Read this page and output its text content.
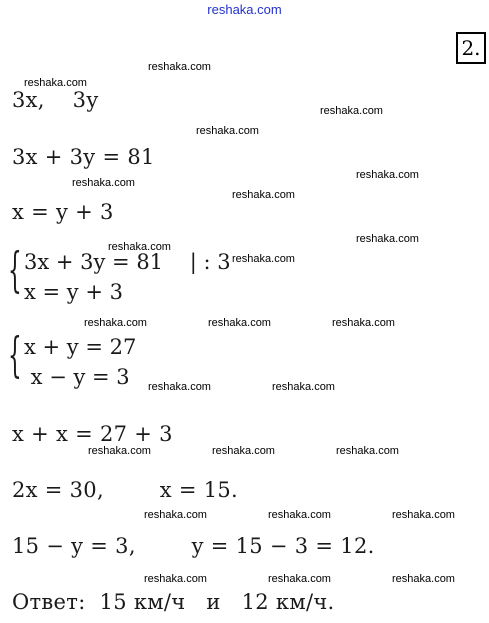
reshaka.com
2.
3x,    3y
3x + 3y = 81
x = y + 3
{ 3x + 3y = 81    | : 3
x = y + 3
{ x + y = 27
x − y = 3
x + x = 27 + 3
2x = 30,        x = 15.
15 − y = 3,        y = 15 − 3 = 12.
Ответ:  15 км/ч   и   12 км/ч.
reshaka.com
reshaka.com
reshaka.com
reshaka.com
reshaka.com
reshaka.com
reshaka.com
reshaka.com
reshaka.com
reshaka.com
reshaka.com	reshaka.com	reshaka.com
reshaka.com	reshaka.com
reshaka.com	reshaka.com	reshaka.com
reshaka.com	reshaka.com	reshaka.com
reshaka.com	reshaka.com	reshaka.com
